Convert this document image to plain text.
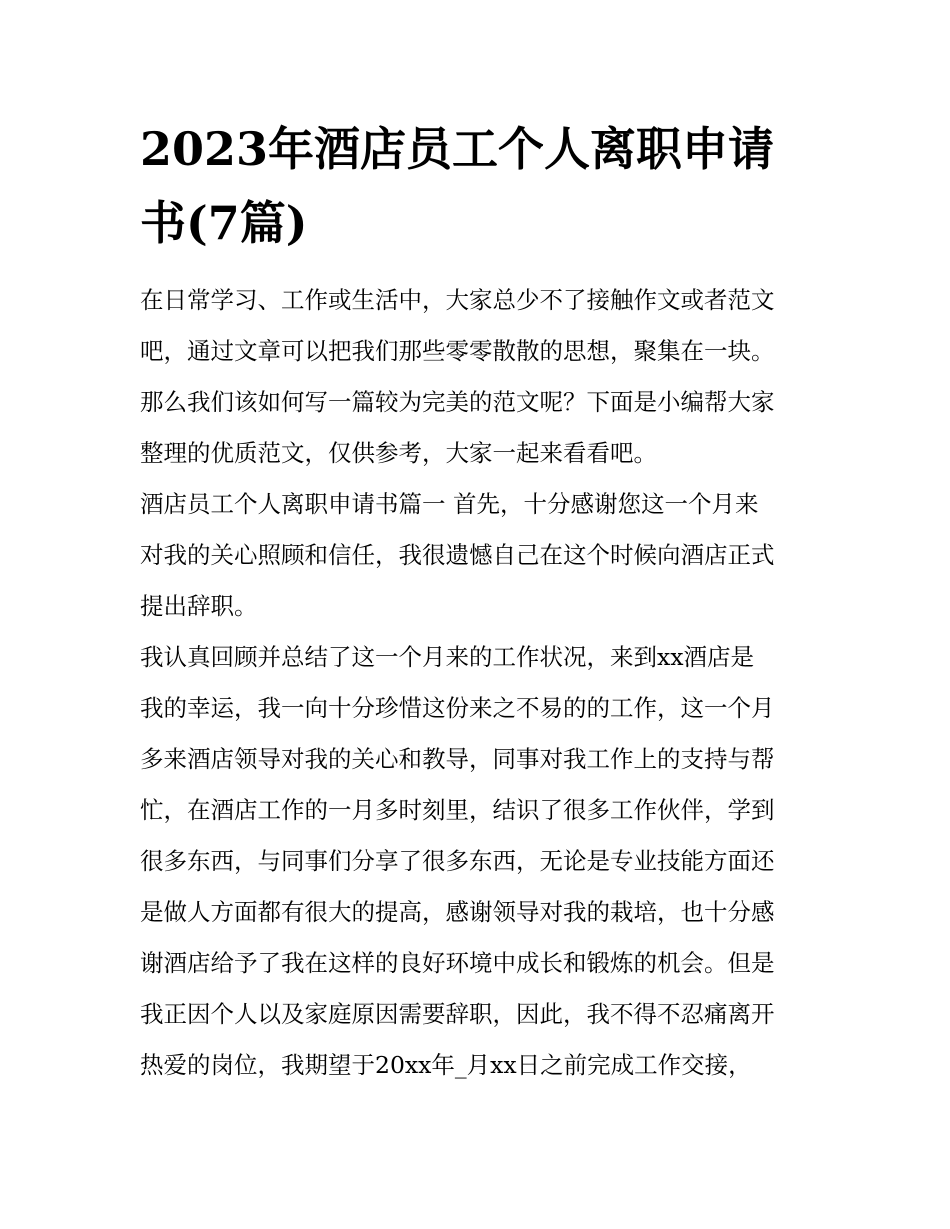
2023年酒店员工个人离职申请
书(7篇)

在日常学习、工作或生活中，大家总少不了接触作文或者范文
吧，通过文章可以把我们那些零零散散的思想，聚集在一块。
那么我们该如何写一篇较为完美的范文呢？下面是小编帮大家
整理的优质范文，仅供参考，大家一起来看看吧。

酒店员工个人离职申请书篇一 首先，十分感谢您这一个月来
对我的关心照顾和信任，我很遗憾自己在这个时候向酒店正式
提出辞职。

我认真回顾并总结了这一个月来的工作状况，来到xx酒店是
我的幸运，我一向十分珍惜这份来之不易的的工作，这一个月
多来酒店领导对我的关心和教导，同事对我工作上的支持与帮
忙，在酒店工作的一月多时刻里，结识了很多工作伙伴，学到
很多东西，与同事们分享了很多东西，无论是专业技能方面还
是做人方面都有很大的提高，感谢领导对我的栽培，也十分感
谢酒店给予了我在这样的良好环境中成长和锻炼的机会。但是
我正因个人以及家庭原因需要辞职，因此，我不得不忍痛离开
热爱的岗位，我期望于20xx年_月xx日之前完成工作交接，
